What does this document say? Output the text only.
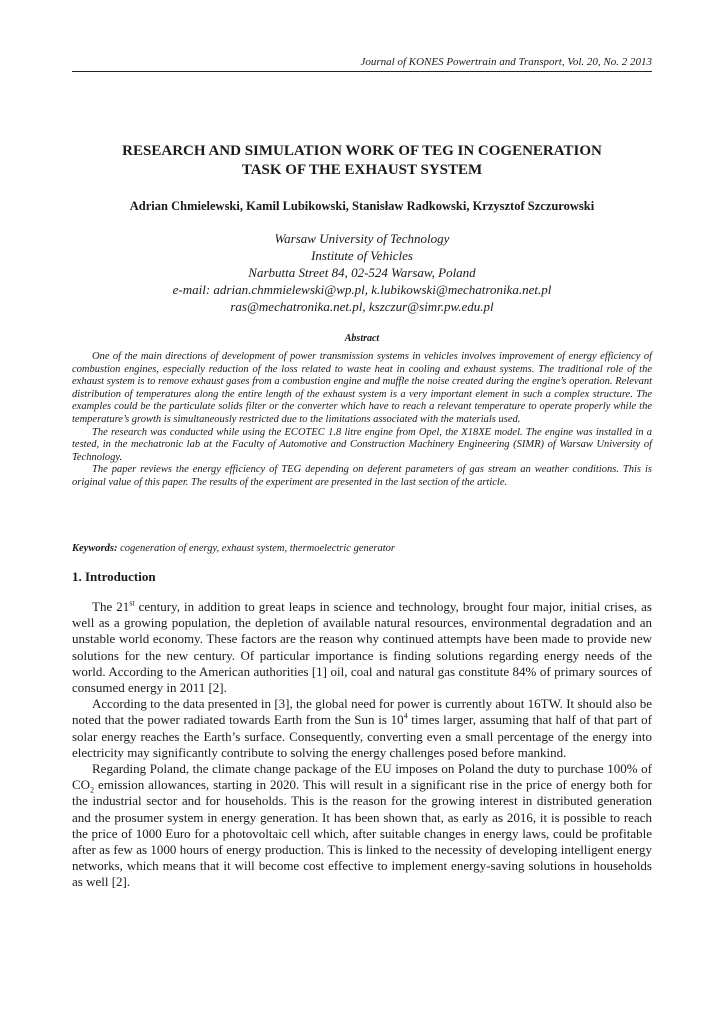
Journal of KONES Powertrain and Transport, Vol. 20, No. 2 2013
RESEARCH AND SIMULATION WORK OF TEG IN COGENERATION
TASK OF THE EXHAUST SYSTEM
Adrian Chmielewski, Kamil Lubikowski, Stanisław Radkowski, Krzysztof Szczurowski
Warsaw University of Technology
Institute of Vehicles
Narbutta Street 84, 02-524 Warsaw, Poland
e-mail: adrian.chmmielewski@wp.pl, k.lubikowski@mechatronika.net.pl
ras@mechatronika.net.pl, kszczur@simr.pw.edu.pl
Abstract

One of the main directions of development of power transmission systems in vehicles involves improvement of energy efficiency of combustion engines, especially reduction of the loss related to waste heat in cooling and exhaust systems. The traditional role of the exhaust system is to remove exhaust gases from a combustion engine and muffle the noise created during the engine’s operation. Relevant distribution of temperatures along the entire length of the exhaust system is a very important element in such a complex structure. The examples could be the particulate solids filter or the converter which have to reach a relevant temperature to operate properly while the temperature’s growth is simultaneously restricted due to the limitations associated with the materials used.

The research was conducted while using the ECOTEC 1.8 litre engine from Opel, the X18XE model. The engine was installed in a tested, in the mechatronic lab at the Faculty of Automotive and Construction Machinery Engineering (SIMR) of Warsaw University of Technology.

The paper reviews the energy efficiency of TEG depending on deferent parameters of gas stream an weather conditions. This is original value of this paper. The results of the experiment are presented in the last section of the article.

Keywords: cogeneration of energy, exhaust system, thermoelectric generator
1. Introduction

The 21st century, in addition to great leaps in science and technology, brought four major, initial crises, as well as a growing population, the depletion of available natural resources, environmental degradation and an unstable world economy. These factors are the reason why continued attempts have been made to provide new solutions for the new century. Of particular importance is finding solutions regarding energy needs of the world. According to the American authorities [1] oil, coal and natural gas constitute 84% of primary sources of consumed energy in 2011 [2].

According to the data presented in [3], the global need for power is currently about 16TW. It should also be noted that the power radiated towards Earth from the Sun is $10^4$ times larger, assuming that half of that part of solar energy reaches the Earth’s surface. Consequently, converting even a small percentage of the energy into electricity may significantly contribute to solving the energy challenges posed before mankind.

Regarding Poland, the climate change package of the EU imposes on Poland the duty to purchase 100% of $CO_2$ emission allowances, starting in 2020. This will result in a significant rise in the price of energy both for the industrial sector and for households. This is the reason for the growing interest in distributed generation and the prosumer system in energy generation. It has been shown that, as early as 2016, it is possible to reach the price of 1000 Euro for a photovoltaic cell which, after suitable changes in energy laws, could be profitable after as few as 1000 hours of energy production. This is linked to the necessity of developing intelligent energy networks, which means that it will become cost effective to implement energy-saving solutions in households as well [2].
